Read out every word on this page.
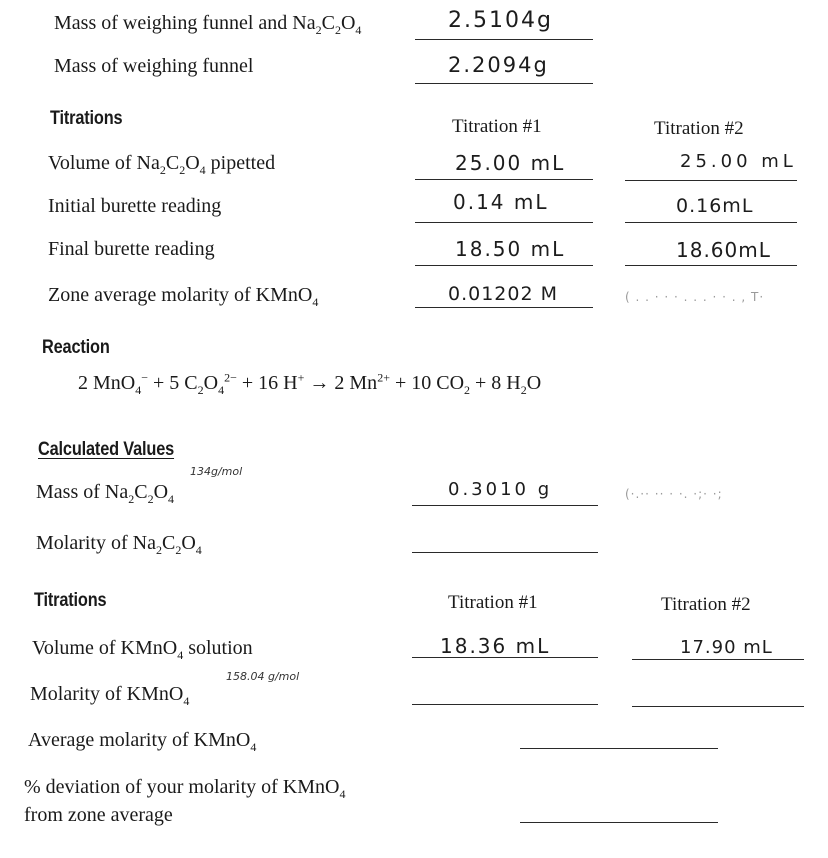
Mass of weighing funnel and $Na_2C_2O_4$	2.5104g
Mass of weighing funnel	2.2094g
Titrations	Titration #1	Titration #2
Volume of $Na_2C_2O_4$ pipetted	25.00 mL	25.00 mL
Initial burette reading	0.14 mL	0.16mL
Final burette reading	18.50 mL	18.60mL
Zone average molarity of KMnO$_4$	0.01202 M	( . . · · · . . . · · . , T·
Reaction
2 MnO$_4$− + 5 $C_2O_4^{2-} + 16$ H+ → 2 $Mn^{2+} + 10$ $CO_2 + 8$ $H_2O$
Calculated Values
134g/mol
Mass of $Na_2C_2O_4$	0.3010 g	(·.·· ·· · ·. ·;· ·;
Molarity of $Na_2C_2O_4$
Titrations	Titration #1	Titration #2
Volume of KMnO$_4$ solution	18.36 mL	17.90 mL
158.04 g/mol
Molarity of KMnO$_4$
Average molarity of KMnO$_4$
% deviation of your molarity of KMnO$_4$
from zone average
